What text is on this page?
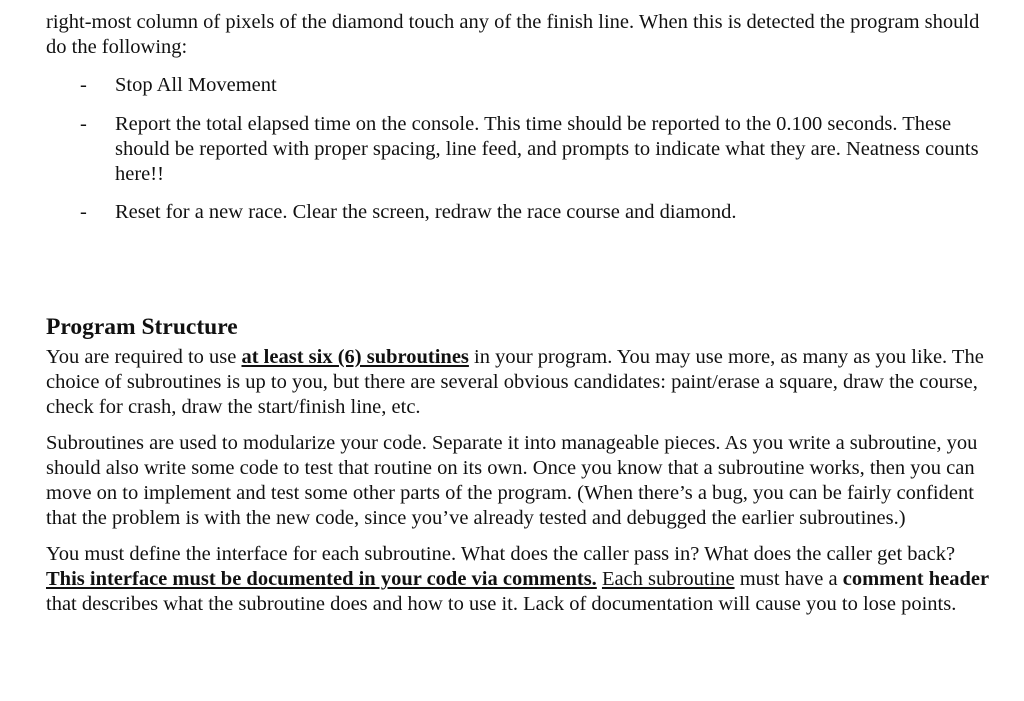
right-most column of pixels of the diamond touch any of the finish line. When this is detected the program should do the following:

- Stop All Movement
- Report the total elapsed time on the console. This time should be reported to the 0.100 seconds. These should be reported with proper spacing, line feed, and prompts to indicate what they are. Neatness counts here!!
- Reset for a new race. Clear the screen, redraw the race course and diamond.
Program Structure

You are required to use at least six (6) subroutines in your program. You may use more, as many as you like. The choice of subroutines is up to you, but there are several obvious candidates: paint/erase a square, draw the course, check for crash, draw the start/finish line, etc.

Subroutines are used to modularize your code. Separate it into manageable pieces. As you write a subroutine, you should also write some code to test that routine on its own. Once you know that a subroutine works, then you can move on to implement and test some other parts of the program. (When there’s a bug, you can be fairly confident that the problem is with the new code, since you’ve already tested and debugged the earlier subroutines.)

You must define the interface for each subroutine. What does the caller pass in? What does the caller get back? This interface must be documented in your code via comments. Each subroutine must have a comment header that describes what the subroutine does and how to use it. Lack of documentation will cause you to lose points.
